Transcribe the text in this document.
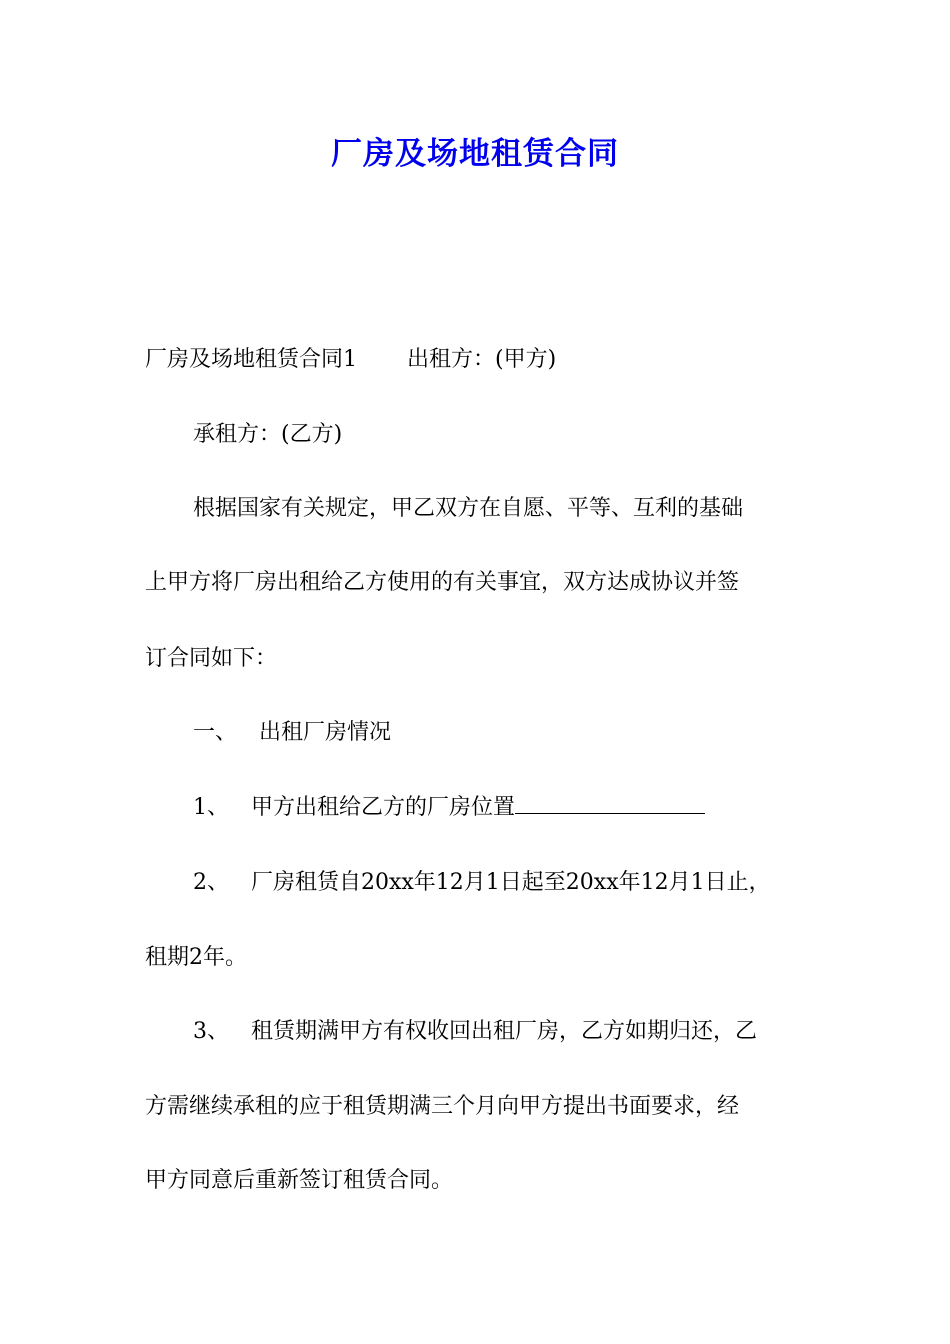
厂房及场地租赁合同

厂房及场地租赁合同1 出租方：(甲方)

承租方：(乙方)

根据国家有关规定，甲乙双方在自愿、平等、互利的基础

上甲方将厂房出租给乙方使用的有关事宜，双方达成协议并签

订合同如下：

一、 出租厂房情况

1、 甲方出租给乙方的厂房位置

2、 厂房租赁自20xx年12月1日起至20xx年12月1日止，

租期2年。

3、 租赁期满甲方有权收回出租厂房，乙方如期归还，乙

方需继续承租的应于租赁期满三个月向甲方提出书面要求，经

甲方同意后重新签订租赁合同。
